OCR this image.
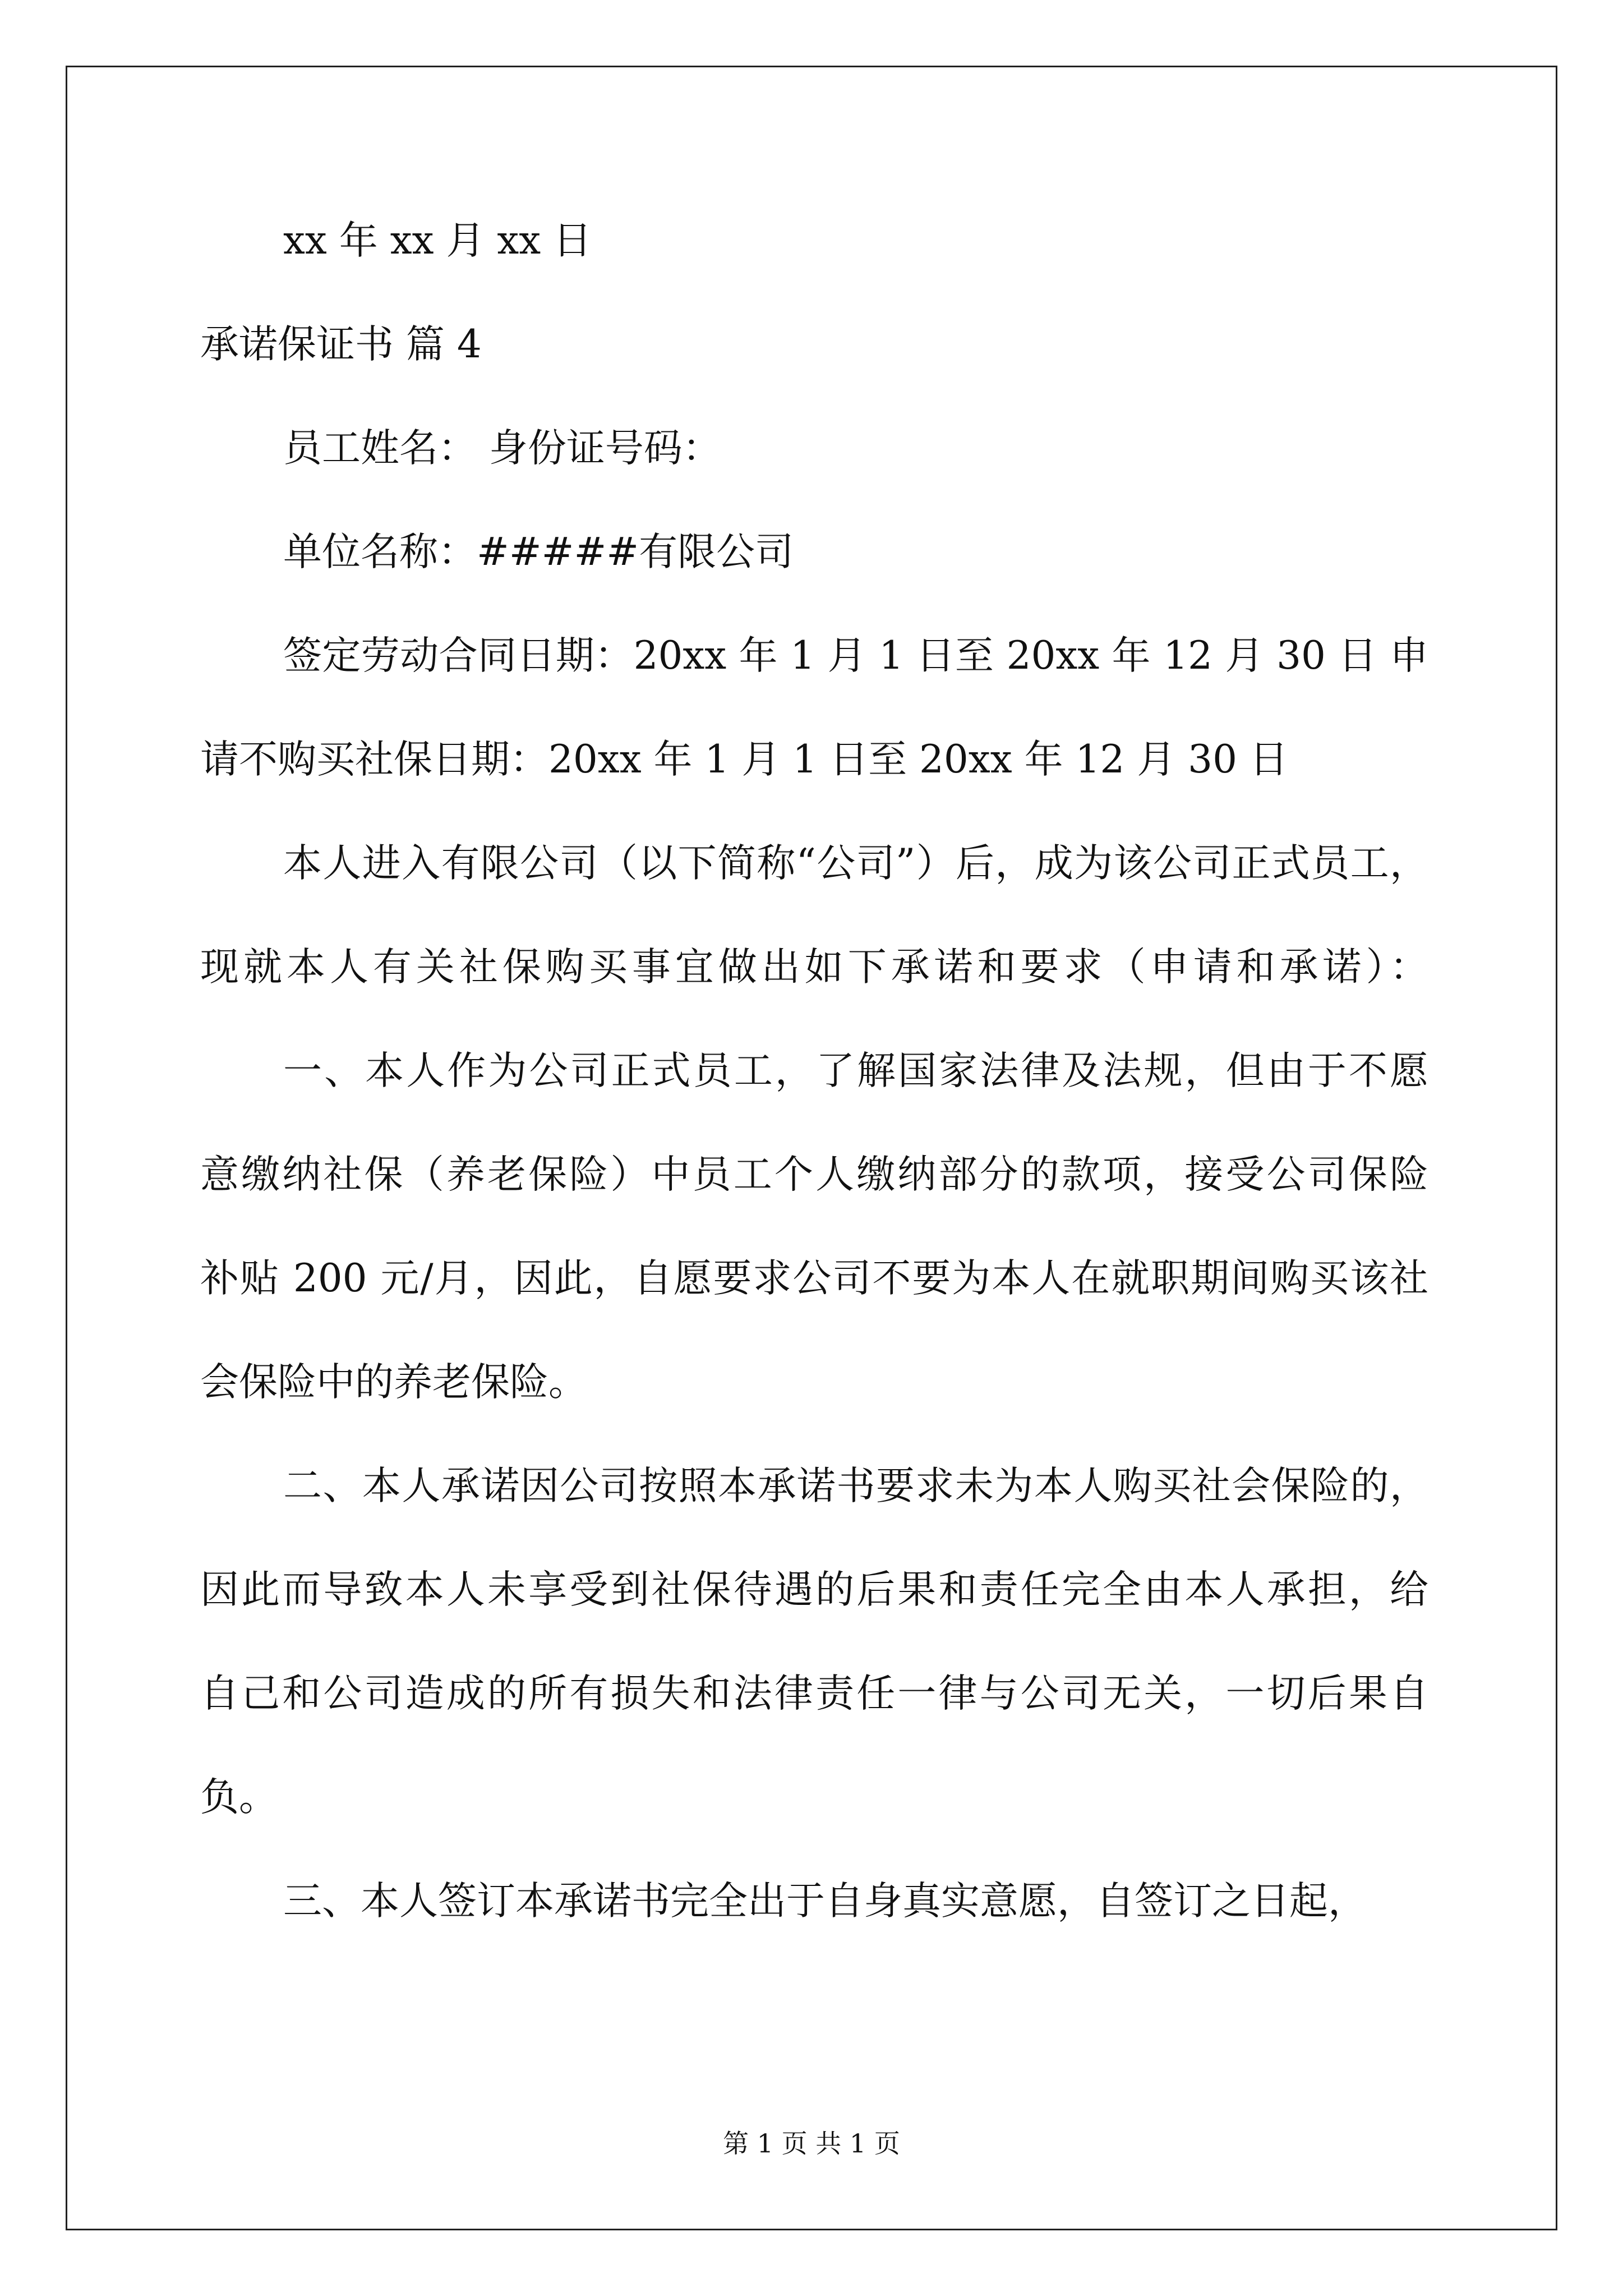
xx 年 xx 月 xx 日
承诺保证书 篇 4
员工姓名： 身份证号码：
单位名称：#####有限公司
签定劳动合同日期：20xx 年 1 月 1 日至 20xx 年 12 月 30 日 申
请不购买社保日期：20xx 年 1 月 1 日至 20xx 年 12 月 30 日
本人进入有限公司（以下简称“公司”）后，成为该公司正式员工，
现就本人有关社保购买事宜做出如下承诺和要求（申请和承诺）：
一、本人作为公司正式员工，了解国家法律及法规，但由于不愿
意缴纳社保（养老保险）中员工个人缴纳部分的款项，接受公司保险
补贴 200 元/月，因此，自愿要求公司不要为本人在就职期间购买该社
会保险中的养老保险。
二、本人承诺因公司按照本承诺书要求未为本人购买社会保险的，
因此而导致本人未享受到社保待遇的后果和责任完全由本人承担，给
自己和公司造成的所有损失和法律责任一律与公司无关，一切后果自
负。
三、本人签订本承诺书完全出于自身真实意愿，自签订之日起，
第 1 页 共 1 页
